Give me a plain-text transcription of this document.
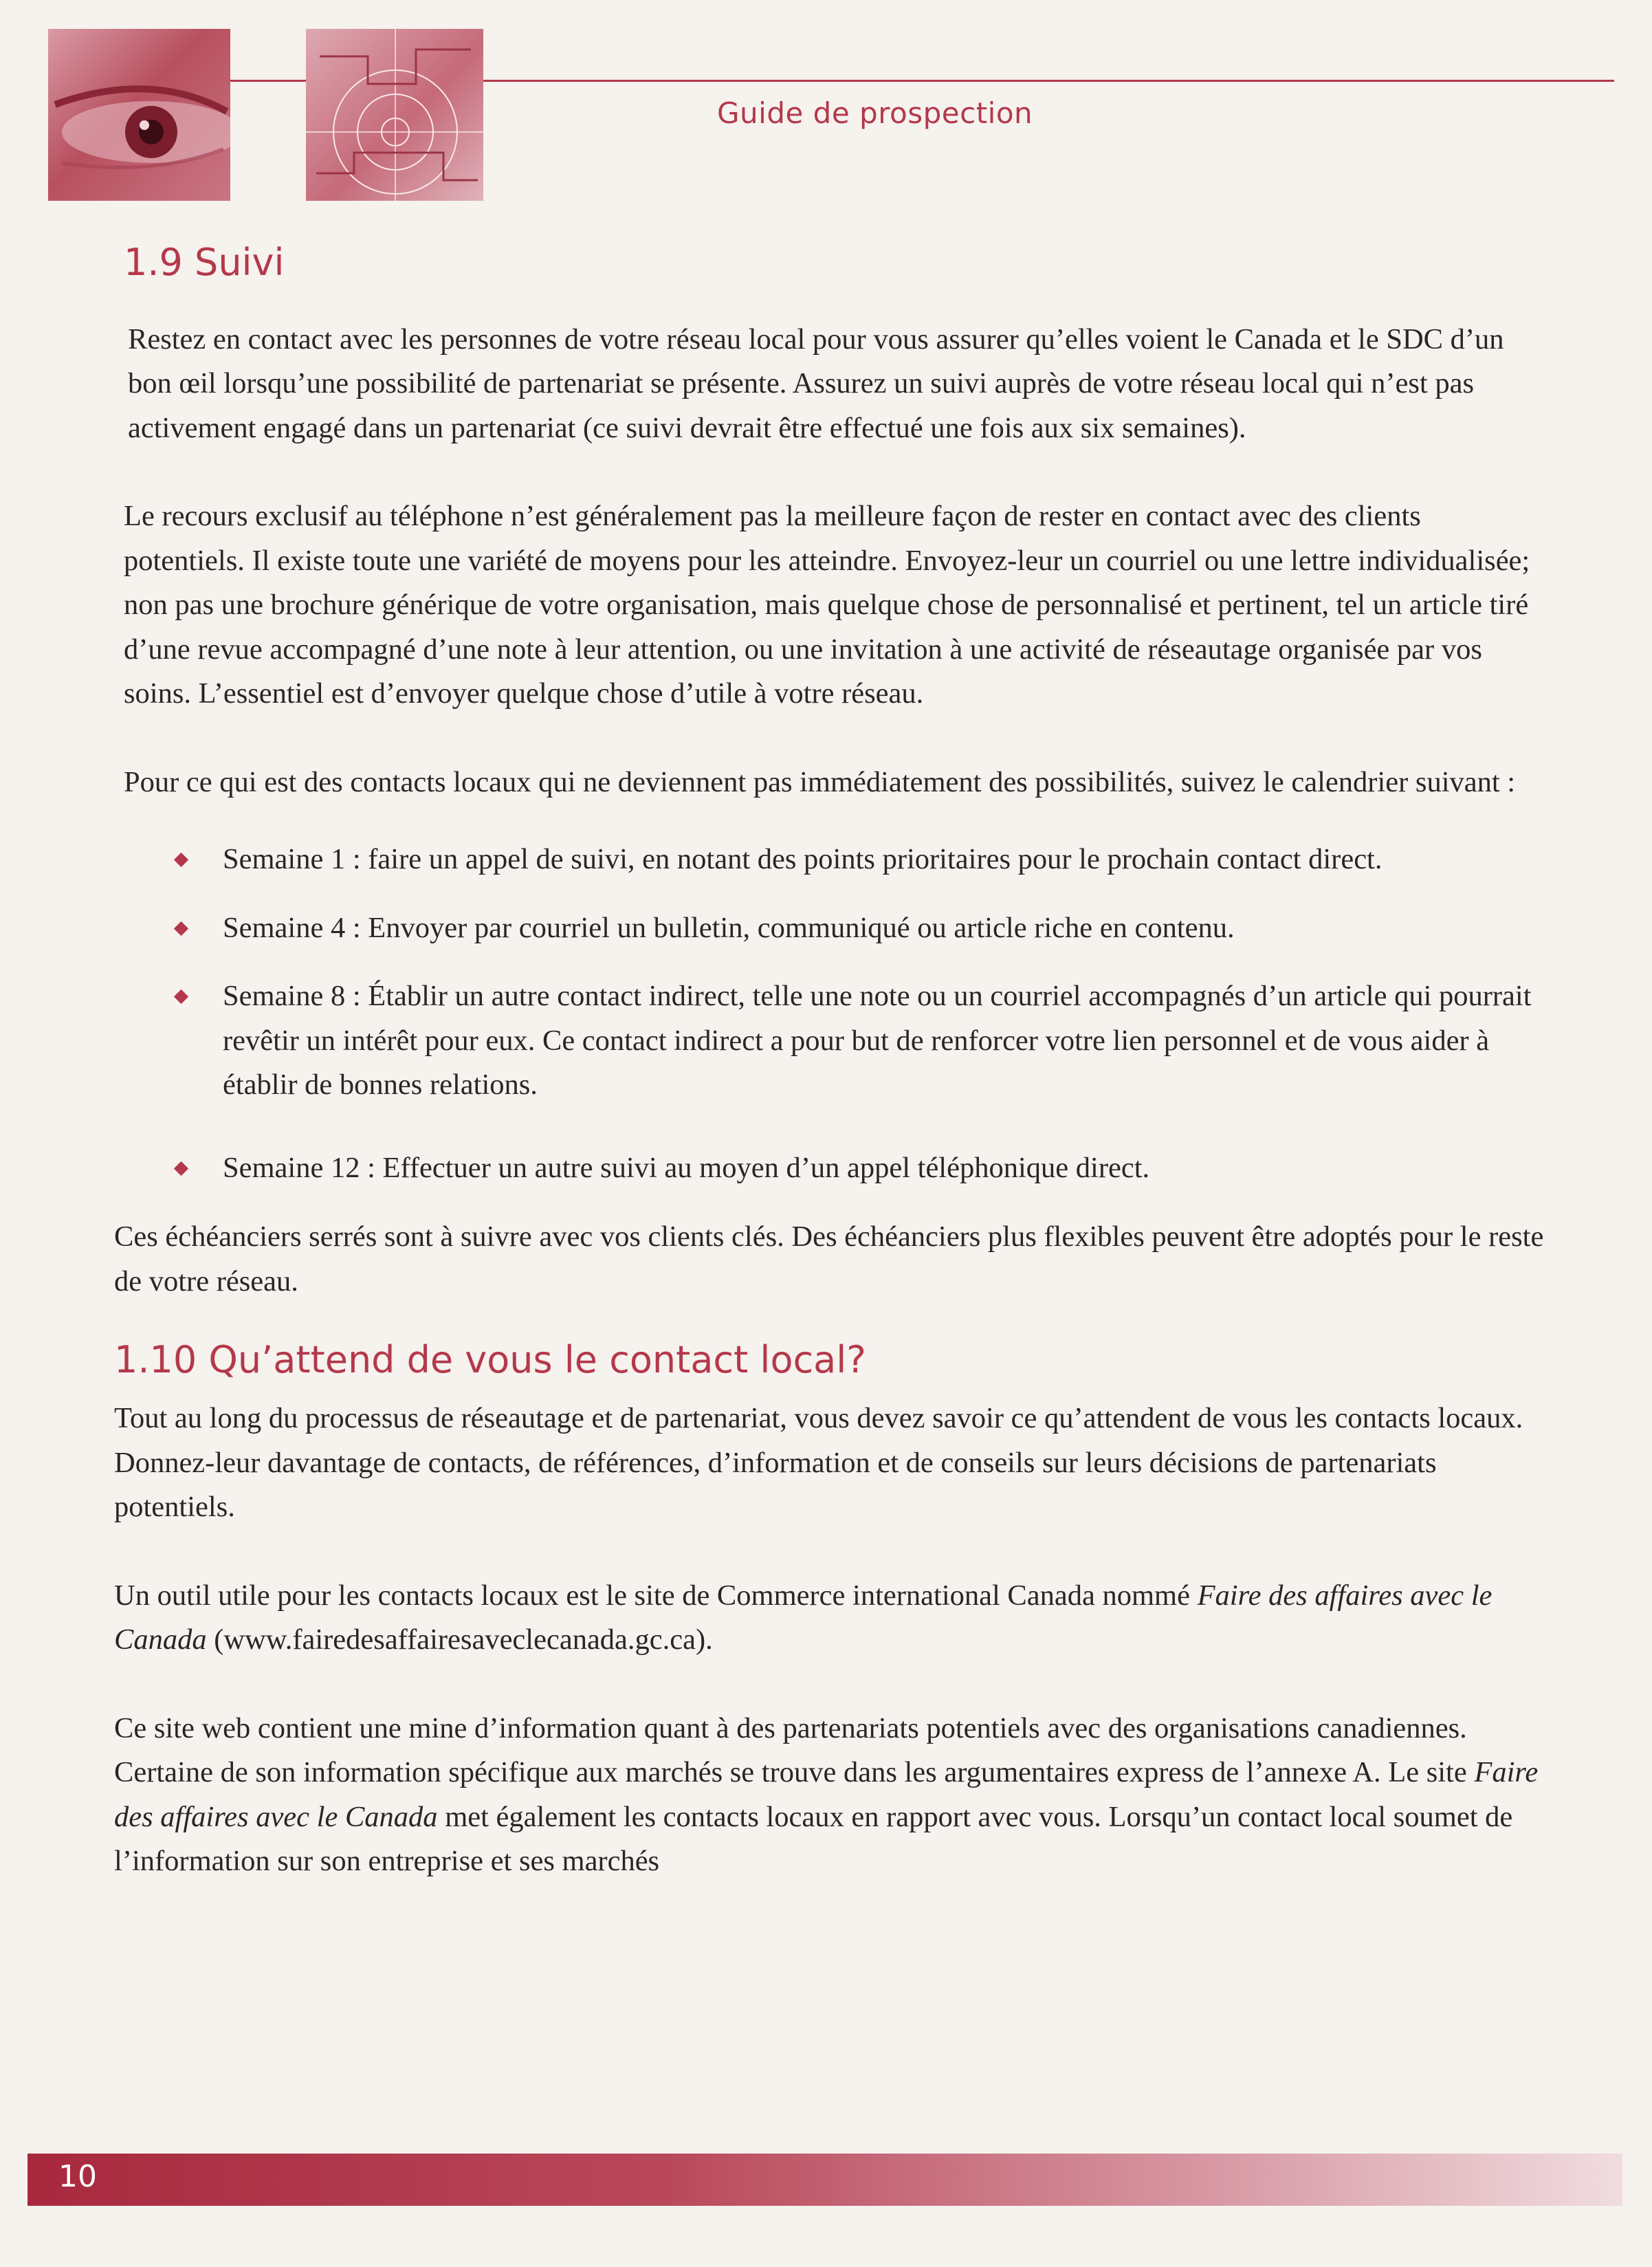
Guide de prospection
1.9 Suivi

Restez en contact avec les personnes de votre réseau local pour vous assurer qu’elles voient le Canada et le SDC d’un bon œil lorsqu’une possibilité de partenariat se présente. Assurez un suivi auprès de votre réseau local qui n’est pas activement engagé dans un partenariat (ce suivi devrait être effectué une fois aux six semaines).

Le recours exclusif au téléphone n’est généralement pas la meilleure façon de rester en contact avec des clients potentiels. Il existe toute une variété de moyens pour les atteindre. Envoyez-leur un courriel ou une lettre individualisée; non pas une brochure générique de votre organisation, mais quelque chose de personnalisé et pertinent, tel un article tiré d’une revue accompagné d’une note à leur attention, ou une invitation à une activité de réseautage organisée par vos soins. L’essentiel est d’envoyer quelque chose d’utile à votre réseau.

Pour ce qui est des contacts locaux qui ne deviennent pas immédiatement des possibilités, suivez le calendrier suivant :

Semaine 1 : faire un appel de suivi, en notant des points prioritaires pour le prochain contact direct.
Semaine 4 : Envoyer par courriel un bulletin, communiqué ou article riche en contenu.
Semaine 8 : Établir un autre contact indirect, telle une note ou un courriel accompagnés d’un article qui pourrait revêtir un intérêt pour eux. Ce contact indirect a pour but de renforcer votre lien personnel et de vous aider à établir de bonnes relations.
Semaine 12 : Effectuer un autre suivi au moyen d’un appel téléphonique direct.

Ces échéanciers serrés sont à suivre avec vos clients clés. Des échéanciers plus flexibles peuvent être adoptés pour le reste de votre réseau.

1.10 Qu’attend de vous le contact local?

Tout au long du processus de réseautage et de partenariat, vous devez savoir ce qu’attendent de vous les contacts locaux. Donnez-leur davantage de contacts, de références, d’information et de conseils sur leurs décisions de partenariats potentiels.

Un outil utile pour les contacts locaux est le site de Commerce international Canada nommé Faire des affaires avec le Canada (www.fairedesaffairesaveclecanada.gc.ca).

Ce site web contient une mine d’information quant à des partenariats potentiels avec des organisations canadiennes. Certaine de son information spécifique aux marchés se trouve dans les argumentaires express de l’annexe A. Le site Faire des affaires avec le Canada met également les contacts locaux en rapport avec vous. Lorsqu’un contact local soumet de l’information sur son entreprise et ses marchés

10
